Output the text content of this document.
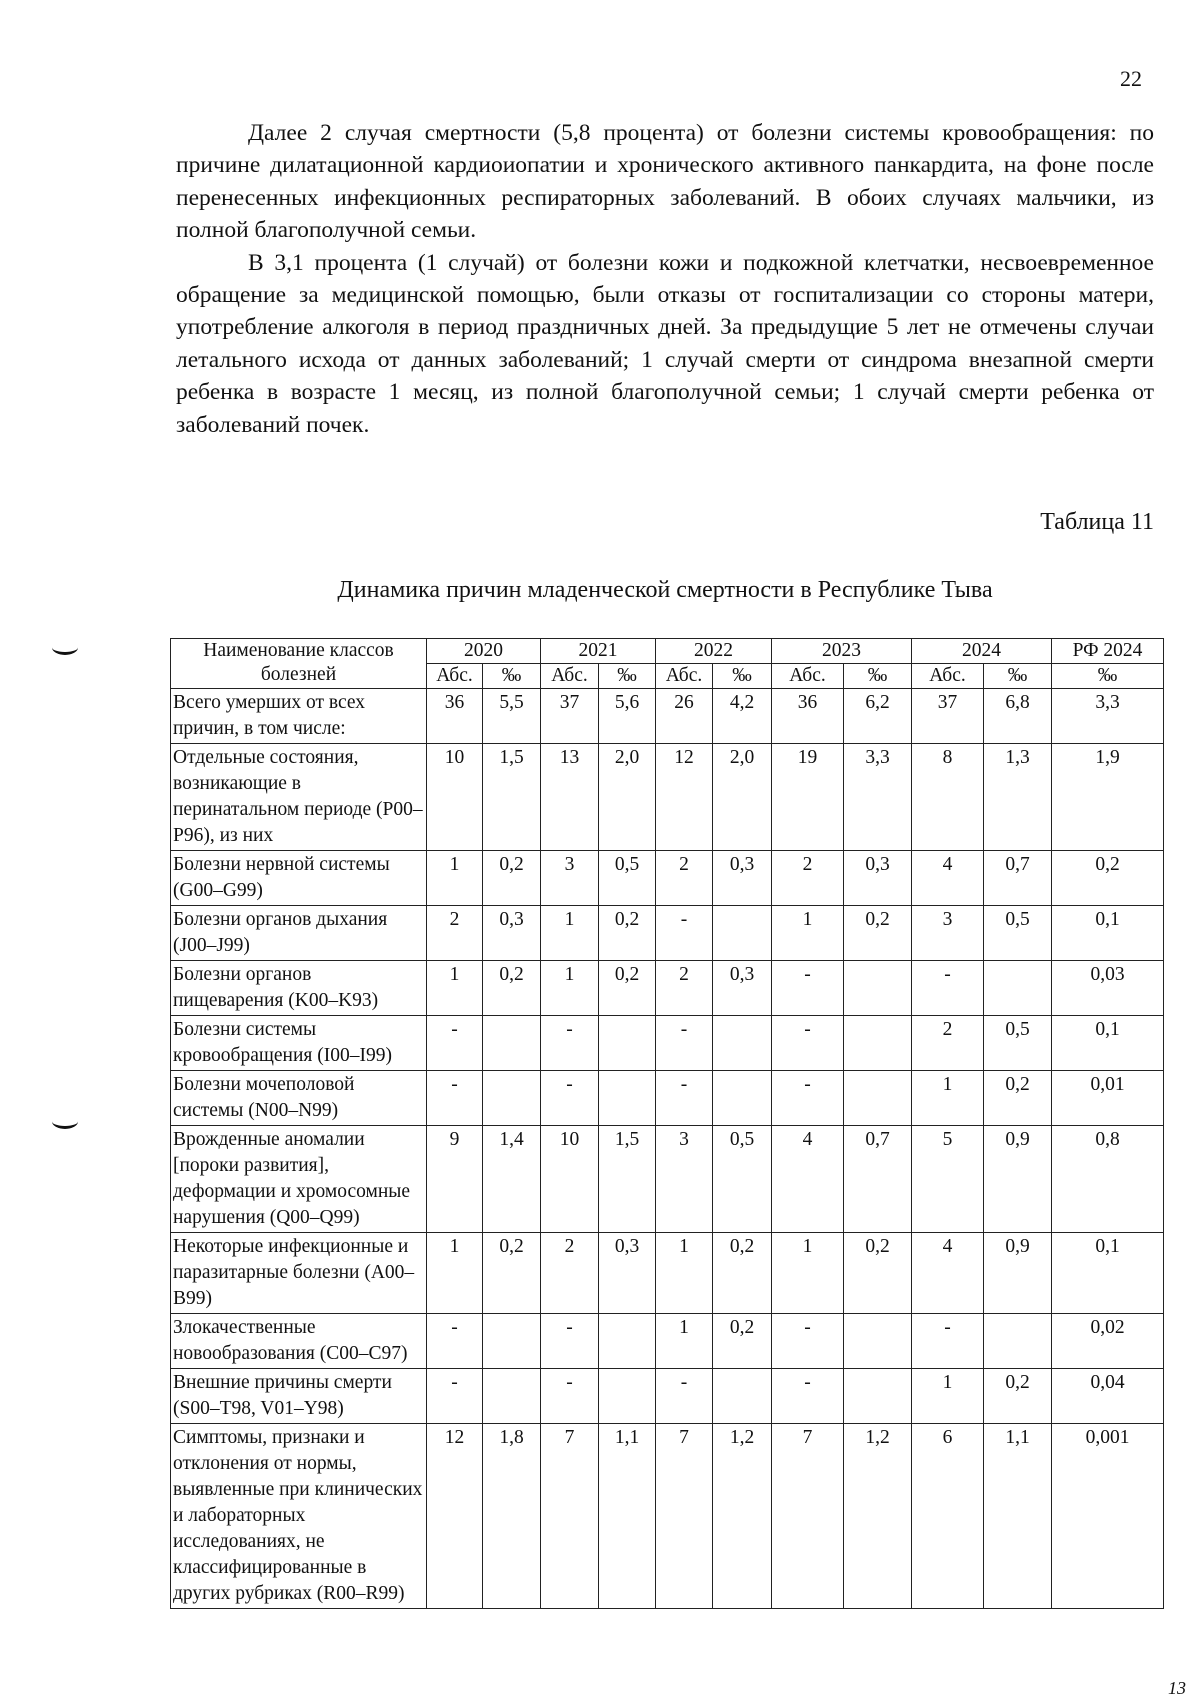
22

Далее 2 случая смертности (5,8 процента) от болезни системы кровообращения: по причине дилатационной кардиоиопатии и хронического активного панкардита, на фоне после перенесенных инфекционных респираторных заболеваний. В обоих случаях мальчики, из полной благополучной семьи.

В 3,1 процента (1 случай) от болезни кожи и подкожной клетчатки, несвоевременное обращение за медицинской помощью, были отказы от госпитализации со стороны матери, употребление алкоголя в период праздничных дней. За предыдущие 5 лет не отмечены случаи летального исхода от данных заболеваний; 1 случай смерти от синдрома внезапной смерти ребенка в возрасте 1 месяц, из полной благополучной семьи; 1 случай смерти ребенка от заболеваний почек.

Таблица 11
Динамика причин младенческой смертности в Республике Тыва
Наименование классов болезней	2020		2021		2022		2023		2024		РФ 2024
	Абс.	‰	Абс.	‰	Абс.	‰	Абс.	‰	Абс.	‰	‰
Всего умерших от всех причин, в том числе:	36	5,5	37	5,6	26	4,2	36	6,2	37	6,8	3,3
Отдельные состояния, возникающие в перинатальном периоде (P00–P96), из них	10	1,5	13	2,0	12	2,0	19	3,3	8	1,3	1,9
Болезни нервной системы (G00–G99)	1	0,2	3	0,5	2	0,3	2	0,3	4	0,7	0,2
Болезни органов дыхания (J00–J99)	2	0,3	1	0,2	-		1	0,2	3	0,5	0,1
Болезни органов пищеварения (K00–K93)	1	0,2	1	0,2	2	0,3	-		-		0,03
Болезни системы кровообращения (I00–I99)	-		-		-		-		2	0,5	0,1
Болезни мочеполовой системы (N00–N99)	-		-		-		-		1	0,2	0,01
Врожденные аномалии [пороки развития], деформации и хромосомные нарушения (Q00–Q99)	9	1,4	10	1,5	3	0,5	4	0,7	5	0,9	0,8
Некоторые инфекционные и паразитарные болезни (A00–B99)	1	0,2	2	0,3	1	0,2	1	0,2	4	0,9	0,1
Злокачественные новообразования (C00–C97)	-		-		1	0,2	-		-		0,02
Внешние причины смерти (S00–T98, V01–Y98)	-		-		-		-		1	0,2	0,04
Симптомы, признаки и отклонения от нормы, выявленные при клинических и лабораторных исследованиях, не классифицированные в других рубриках (R00–R99)	12	1,8	7	1,1	7	1,2	7	1,2	6	1,1	0,001
13
